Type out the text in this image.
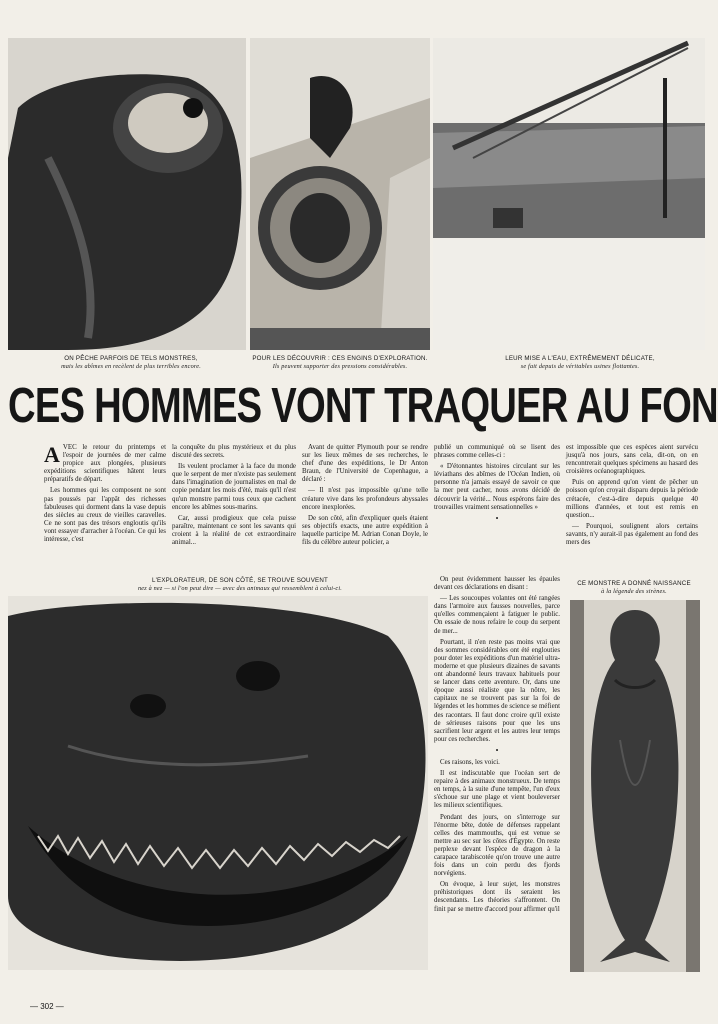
ON PÊCHE PARFOIS DE TELS MONSTRES,
mais les abîmes en recèlent de plus terribles encore.
POUR LES DÉCOUVRIR : CES ENGINS D'EXPLORATION.
Ils peuvent supporter des pressions considérables.
LEUR MISE A L'EAU, EXTRÊMEMENT DÉLICATE,
se fait depuis de véritables usines flottantes.
CES HOMMES VONT TRAQUER AU FON

AVEC le retour du printemps et l'espoir de journées de mer calme propice aux plongées, plusieurs expéditions scientifiques hâtent leurs préparatifs de départ.

Les hommes qui les composent ne sont pas poussés par l'appât des richesses fabuleuses qui dorment dans la vase depuis des siècles au creux de vieilles caravelles. Ce ne sont pas des trésors engloutis qu'ils vont essayer d'arracher à l'océan. Ce qui les intéresse, c'est

la conquête du plus mystérieux et du plus discuté des secrets.

Ils veulent proclamer à la face du monde que le serpent de mer n'existe pas seulement dans l'imagination de journalistes en mal de copie pendant les mois d'été, mais qu'il n'est qu'un monstre parmi tous ceux que cachent encore les abîmes sous-marins.

Car, aussi prodigieux que cela puisse paraître, maintenant ce sont les savants qui croient à la réalité de cet extraordinaire animal...

Avant de quitter Plymouth pour se rendre sur les lieux mêmes de ses recherches, le chef d'une des expéditions, le Dr Anton Braun, de l'Université de Copenhague, a déclaré :

— Il n'est pas impossible qu'une telle créature vive dans les profondeurs abyssales encore inexplorées.

De son côté, afin d'expliquer quels étaient ses objectifs exacts, une autre expédition à laquelle participe M. Adrian Conan Doyle, le fils du célèbre auteur policier, a

publié un communiqué où se lisent des phrases comme celles-ci :

« D'étonnantes histoires circulant sur les léviathans des abîmes de l'Océan Indien, où personne n'a jamais essayé de savoir ce que la mer peut cacher, nous avons décidé de découvrir la vérité... Nous espérons faire des trouvailles vraiment sensationnelles »

•

est impossible que ces espèces aient survécu jusqu'à nos jours, sans cela, dit-on, on en rencontrerait quelques spécimens au hasard des croisières océanographiques.

Puis on apprend qu'on vient de pêcher un poisson qu'on croyait disparu depuis la période crétacée, c'est-à-dire depuis quelque 40 millions d'années, et tout est remis en question...

— Pourquoi, soulignent alors certains savants, n'y aurait-il pas également au fond des mers des

L'EXPLORATEUR, DE SON CÔTÉ, SE TROUVE SOUVENT
nez à nez — si l'on peut dire — avec des animaux qui ressemblent à celui-ci.

On peut évidemment hausser les épaules devant ces déclarations en disant :

— Les soucoupes volantes ont été rangées dans l'armoire aux fausses nouvelles, parce qu'elles commençaient à fatiguer le public. On essaie de nous refaire le coup du serpent de mer...

Pourtant, il n'en reste pas moins vrai que des sommes considérables ont été englouties pour doter les expéditions d'un matériel ultra-moderne et que plusieurs dizaines de savants ont abandonné leurs travaux habituels pour se lancer dans cette aventure. Or, dans une époque aussi réaliste que la nôtre, les capitaux ne se trouvent pas sur la foi de légendes et les hommes de science se méfient des racontars. Il faut donc croire qu'il existe de sérieuses raisons pour que les uns sacrifient leur argent et les autres leur temps pour ces recherches.

•

Ces raisons, les voici.

Il est indiscutable que l'océan sert de repaire à des animaux monstrueux. De temps en temps, à la suite d'une tempête, l'un d'eux s'échoue sur une plage et vient bouleverser les milieux scientifiques.

Pendant des jours, on s'interroge sur l'énorme bête, dotée de défenses rappelant celles des mammouths, qui est venue se mettre au sec sur les côtes d'Égypte. On reste perplexe devant l'espèce de dragon à la carapace tarabiscotée qu'on trouve une autre fois dans un coin perdu des fjords norvégiens.

On évoque, à leur sujet, les monstres préhistoriques dont ils seraient les descendants. Les théories s'affrontent. On finit par se mettre d'accord pour affirmer qu'il

CE MONSTRE A DONNÉ NAISSANCE
à la légende des sirènes.
— 302 —
